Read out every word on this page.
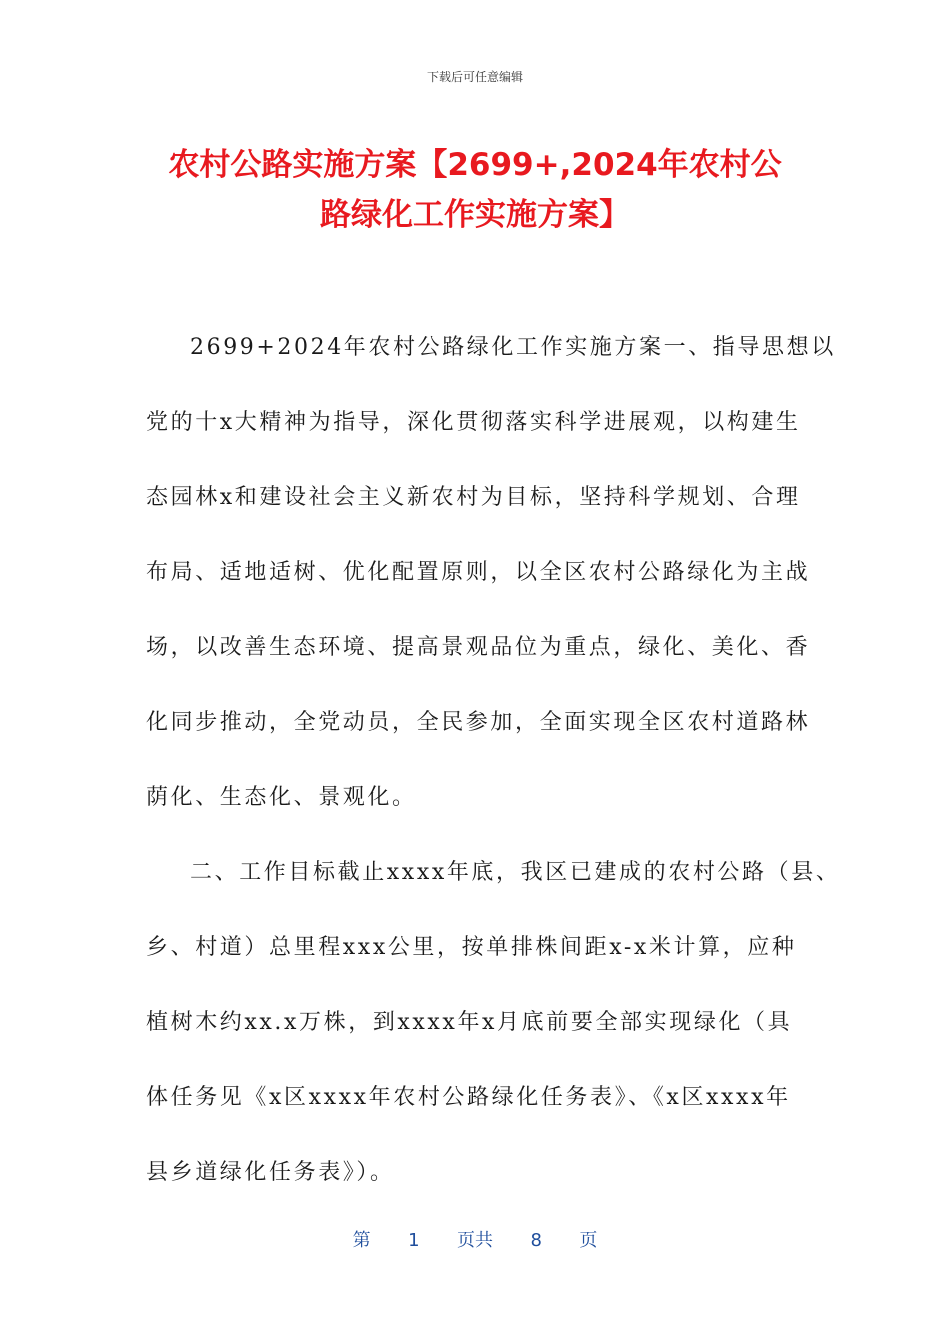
下载后可任意编辑
农村公路实施方案【2699+,2024年农村公
路绿化工作实施方案】
2699+2024年农村公路绿化工作实施方案一、指导思想以
党的十x大精神为指导，深化贯彻落实科学进展观，以构建生
态园林x和建设社会主义新农村为目标，坚持科学规划、合理
布局、适地适树、优化配置原则，以全区农村公路绿化为主战
场，以改善生态环境、提高景观品位为重点，绿化、美化、香
化同步推动，全党动员，全民参加，全面实现全区农村道路林
荫化、生态化、景观化。
二、工作目标截止xxxx年底，我区已建成的农村公路（县、
乡、村道）总里程xxx公里，按单排株间距x-x米计算，应种
植树木约xx.x万株，到xxxx年x月底前要全部实现绿化（具
体任务见《x区xxxx年农村公路绿化任务表》、《x区xxxx年
县乡道绿化任务表》）。
第 1 页共 8 页
